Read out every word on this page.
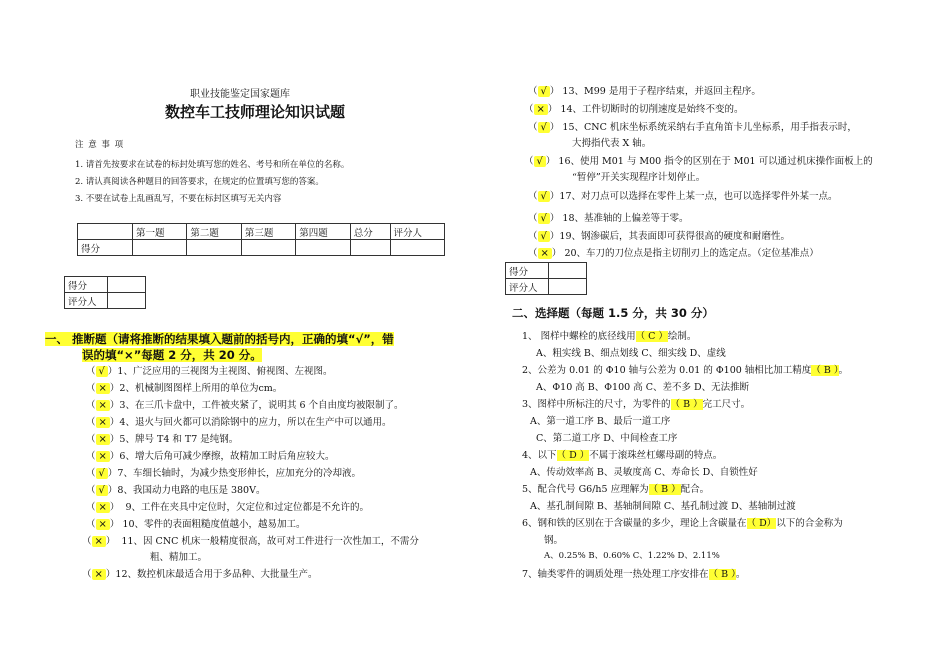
职业技能鉴定国家题库
数控车工技师理论知识试题
注 意 事 项
1. 请首先按要求在试卷的标封处填写您的姓名、考号和所在单位的名称。
2. 请认真阅读各种题目的回答要求，在规定的位置填写您的答案。
3. 不要在试卷上乱画乱写，不要在标封区填写无关内容
	第一题	第二题	第三题	第四题	总分	评分人
得分						
得分	
评分人	
一、 推断题（请将推断的结果填入题前的括号内，正确的填“√”，错
误的填“×”每题 2 分，共 20 分。
（ √ ）1、广泛应用的三视图为主视图、俯视图、左视图。
（ × ）2、机械制图图样上所用的单位为cm。
（ × ）3、在三爪卡盘中，工件被夹紧了，说明其 6 个自由度均被限制了。
（ × ）4、退火与回火都可以消除钢中的应力，所以在生产中可以通用。
（ × ）5、牌号 T4 和 T7 是纯钢。
（ × ）6、增大后角可减少摩擦，故精加工时后角应较大。
（ √ ）7、车细长轴时，为减少热变形伸长，应加充分的冷却液。
（ √ ）8、我国动力电路的电压是 380V。
（ × ）  9、工件在夹具中定位时，欠定位和过定位都是不允许的。
（ × ） 10、零件的表面粗糙度值越小，越易加工。
（ × ）  11、因 CNC 机床一般精度很高，故可对工件进行一次性加工，不需分
粗、精加工。
（ × ）12、数控机床最适合用于多品种、大批量生产。
（ √ ） 13、M99 是用于子程序结束，并返回主程序。
（ × ） 14、工件切断时的切削速度是始终不变的。
（ √ ） 15、CNC 机床坐标系统采纳右手直角笛卡儿坐标系，用手指表示时，
大拇指代表 X 轴。
（ √ ） 16、使用 M01 与 M00 指令的区别在于 M01 可以通过机床操作面板上的
“暂停”开关实现程序计划停止。
（ √ ）17、对刀点可以选择在零件上某一点，也可以选择零件外某一点。
（ √ ） 18、基准轴的上偏差等于零。
（ √ ）19、钢渗碳后，其表面即可获得很高的硬度和耐磨性。
（ × ） 20、车刀的刀位点是指主切削刃上的选定点。（定位基准点）
得分	
评分人	
二、选择题（每题 1.5 分，共 30 分）
1、 图样中螺栓的底径线用（ C ）绘制。
A、粗实线 B、细点划线 C、细实线 D、虚线
2、公差为 0.01 的 Φ10 轴与公差为 0.01 的 Φ100 轴相比加工精度（ B ）。
A、Φ10 高 B、Φ100 高 C、差不多 D、无法推断
3、图样中所标注的尺寸，为零件的（ B ）完工尺寸。
A、第一道工序 B、最后一道工序
C、第二道工序 D、中间检查工序
4、以下（ D ）不属于滚珠丝杠螺母副的特点。
A、传动效率高 B、灵敏度高 C、寿命长 D、自锁性好
5、配合代号 G6/h5 应理解为（ B ）配合。
A、基孔制间隙 B、基轴制间隙 C、基孔制过渡 D、基轴制过渡
6、钢和铁的区别在于含碳量的多少，理论上含碳量在（ D）以下的合金称为
钢。
A、0.25% B、0.60% C、1.22% D、2.11%
7、轴类零件的调质处理一热处理工序安排在（ B ）。
